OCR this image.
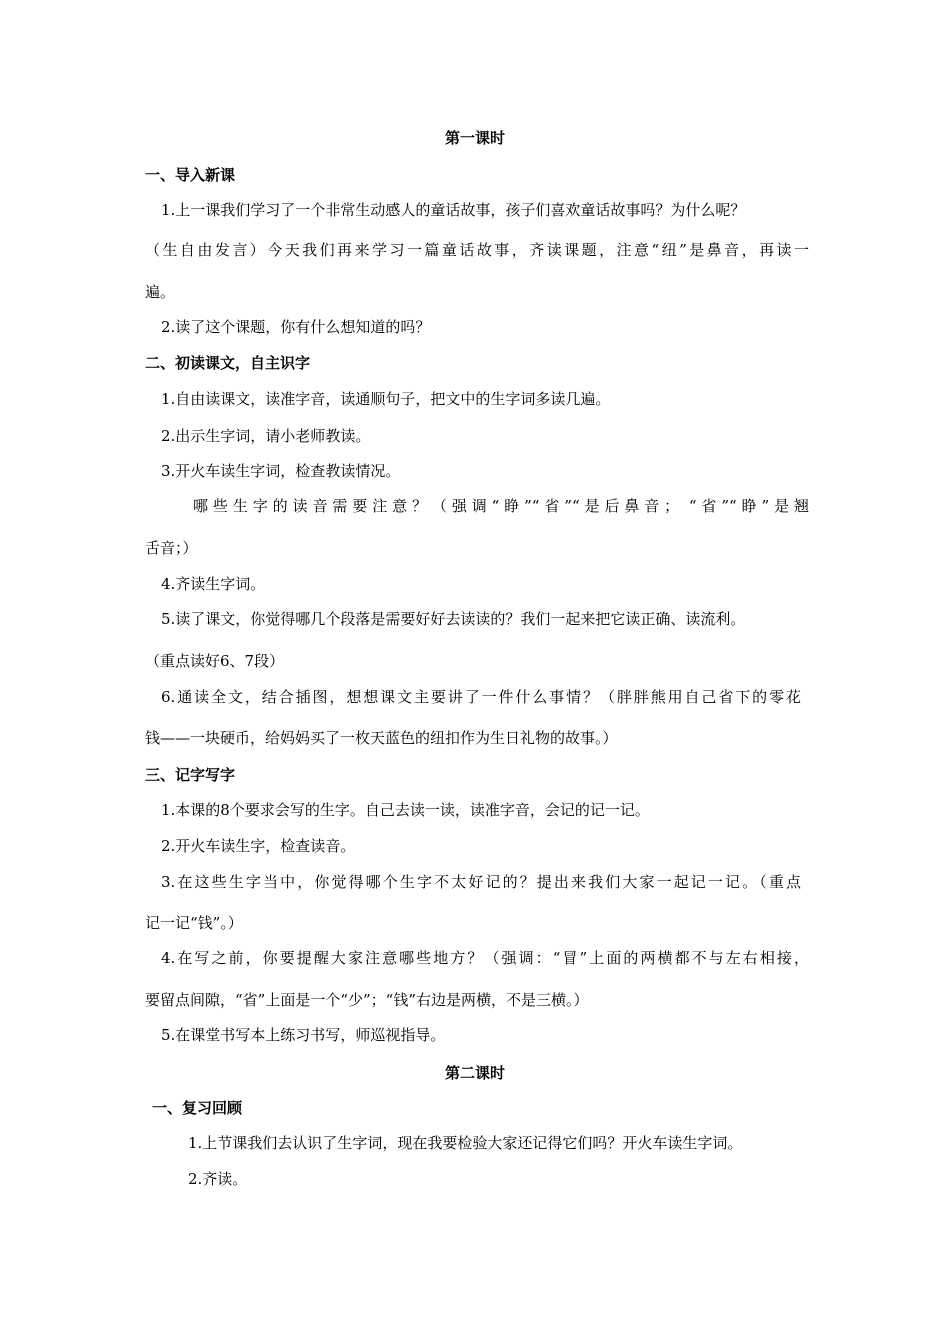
第一课时
一、导入新课
1.上一课我们学习了一个非常生动感人的童话故事，孩子们喜欢童话故事吗？为什么呢？
（生自由发言）今天我们再来学习一篇童话故事，齐读课题，注意“纽”是鼻音，再读一
遍。
2.读了这个课题，你有什么想知道的吗？
二、初读课文，自主识字
1.自由读课文，读准字音，读通顺句子，把文中的生字词多读几遍。
2.出示生字词，请小老师教读。
3.开火车读生字词，检查教读情况。
哪些生字的读音需要注意？（强调“睁”“省”“是后鼻音； “省”“睁”是翘
舌音；）
4.齐读生字词。
5.读了课文，你觉得哪几个段落是需要好好去读读的？我们一起来把它读正确、读流利。
（重点读好6、7段）
6.通读全文，结合插图，想想课文主要讲了一件什么事情？（胖胖熊用自己省下的零花
钱——一块硬币，给妈妈买了一枚天蓝色的纽扣作为生日礼物的故事。）
三、记字写字
1.本课的8个要求会写的生字。自己去读一读，读准字音，会记的记一记。
2.开火车读生字，检查读音。
3.在这些生字当中，你觉得哪个生字不太好记的？提出来我们大家一起记一记。（重点
记一记“钱”。）
4.在写之前，你要提醒大家注意哪些地方？（强调：“冒”上面的两横都不与左右相接，
要留点间隙，“省”上面是一个“少”；“钱”右边是两横，不是三横。）
5.在课堂书写本上练习书写，师巡视指导。
第二课时
一、复习回顾
1.上节课我们去认识了生字词，现在我要检验大家还记得它们吗？开火车读生字词。
2.齐读。
